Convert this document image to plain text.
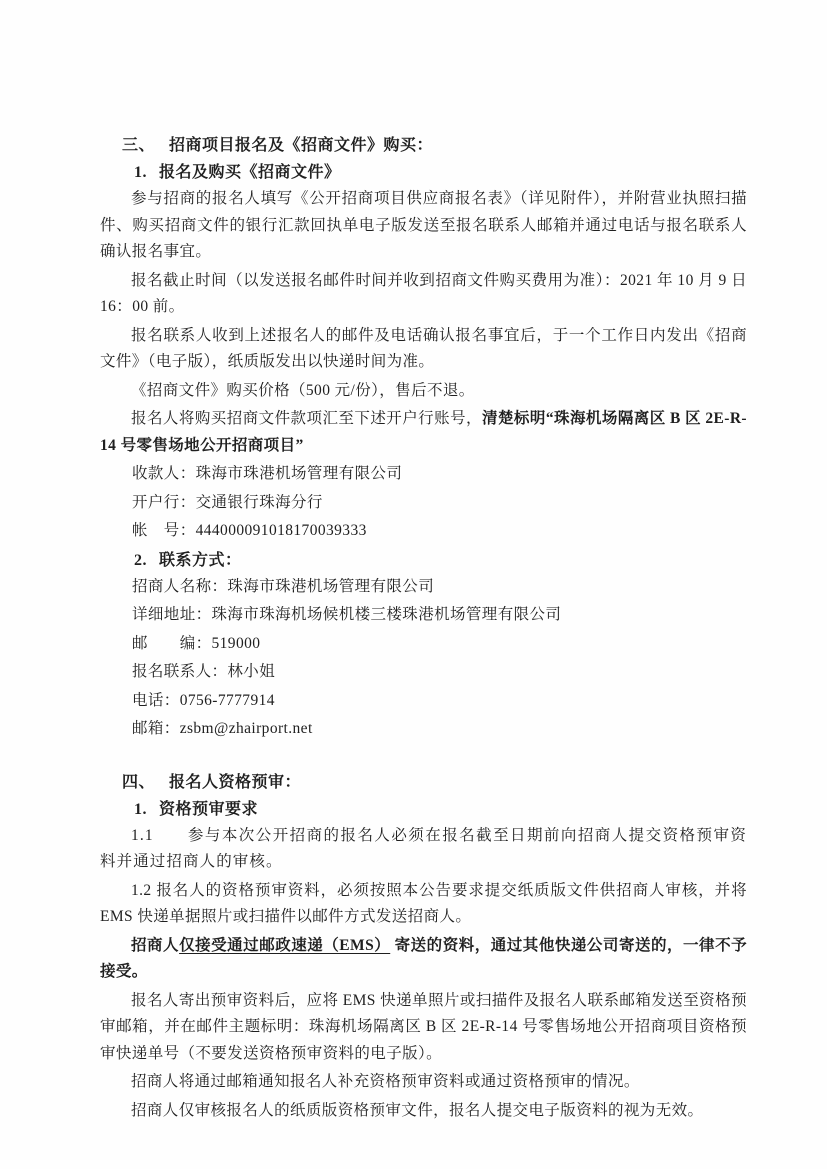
三、 招商项目报名及《招商文件》购买：
1. 报名及购买《招商文件》

参与招商的报名人填写《公开招商项目供应商报名表》（详见附件），并附营业执照扫描件、购买招商文件的银行汇款回执单电子版发送至报名联系人邮箱并通过电话与报名联系人确认报名事宜。

报名截止时间（以发送报名邮件时间并收到招商文件购买费用为准）：2021 年 10 月 9 日 16：00 前。

报名联系人收到上述报名人的邮件及电话确认报名事宜后，于一个工作日内发出《招商文件》（电子版），纸质版发出以快递时间为准。

《招商文件》购买价格（500 元/份），售后不退。

报名人将购买招商文件款项汇至下述开户行账号，清楚标明“珠海机场隔离区 B 区 2E-R-14 号零售场地公开招商项目”

收款人：珠海市珠港机场管理有限公司

开户行：交通银行珠海分行

帐　号：444000091018170039333

2. 联系方式：

招商人名称：珠海市珠港机场管理有限公司

详细地址：珠海市珠海机场候机楼三楼珠港机场管理有限公司

邮　　编：519000

报名联系人：林小姐

电话：0756-7777914

邮箱：zsbm@zhairport.net

四、 报名人资格预审：
1. 资格预审要求

1.1　　参与本次公开招商的报名人必须在报名截至日期前向招商人提交资格预审资料并通过招商人的审核。

1.2 报名人的资格预审资料，必须按照本公告要求提交纸质版文件供招商人审核，并将 EMS 快递单据照片或扫描件以邮件方式发送招商人。

招商人仅接受通过邮政速递（EMS） 寄送的资料，通过其他快递公司寄送的，一律不予接受。

报名人寄出预审资料后，应将 EMS 快递单照片或扫描件及报名人联系邮箱发送至资格预审邮箱，并在邮件主题标明：珠海机场隔离区 B 区 2E-R-14 号零售场地公开招商项目资格预审快递单号（不要发送资格预审资料的电子版）。

招商人将通过邮箱通知报名人补充资格预审资料或通过资格预审的情况。

招商人仅审核报名人的纸质版资格预审文件，报名人提交电子版资料的视为无效。
